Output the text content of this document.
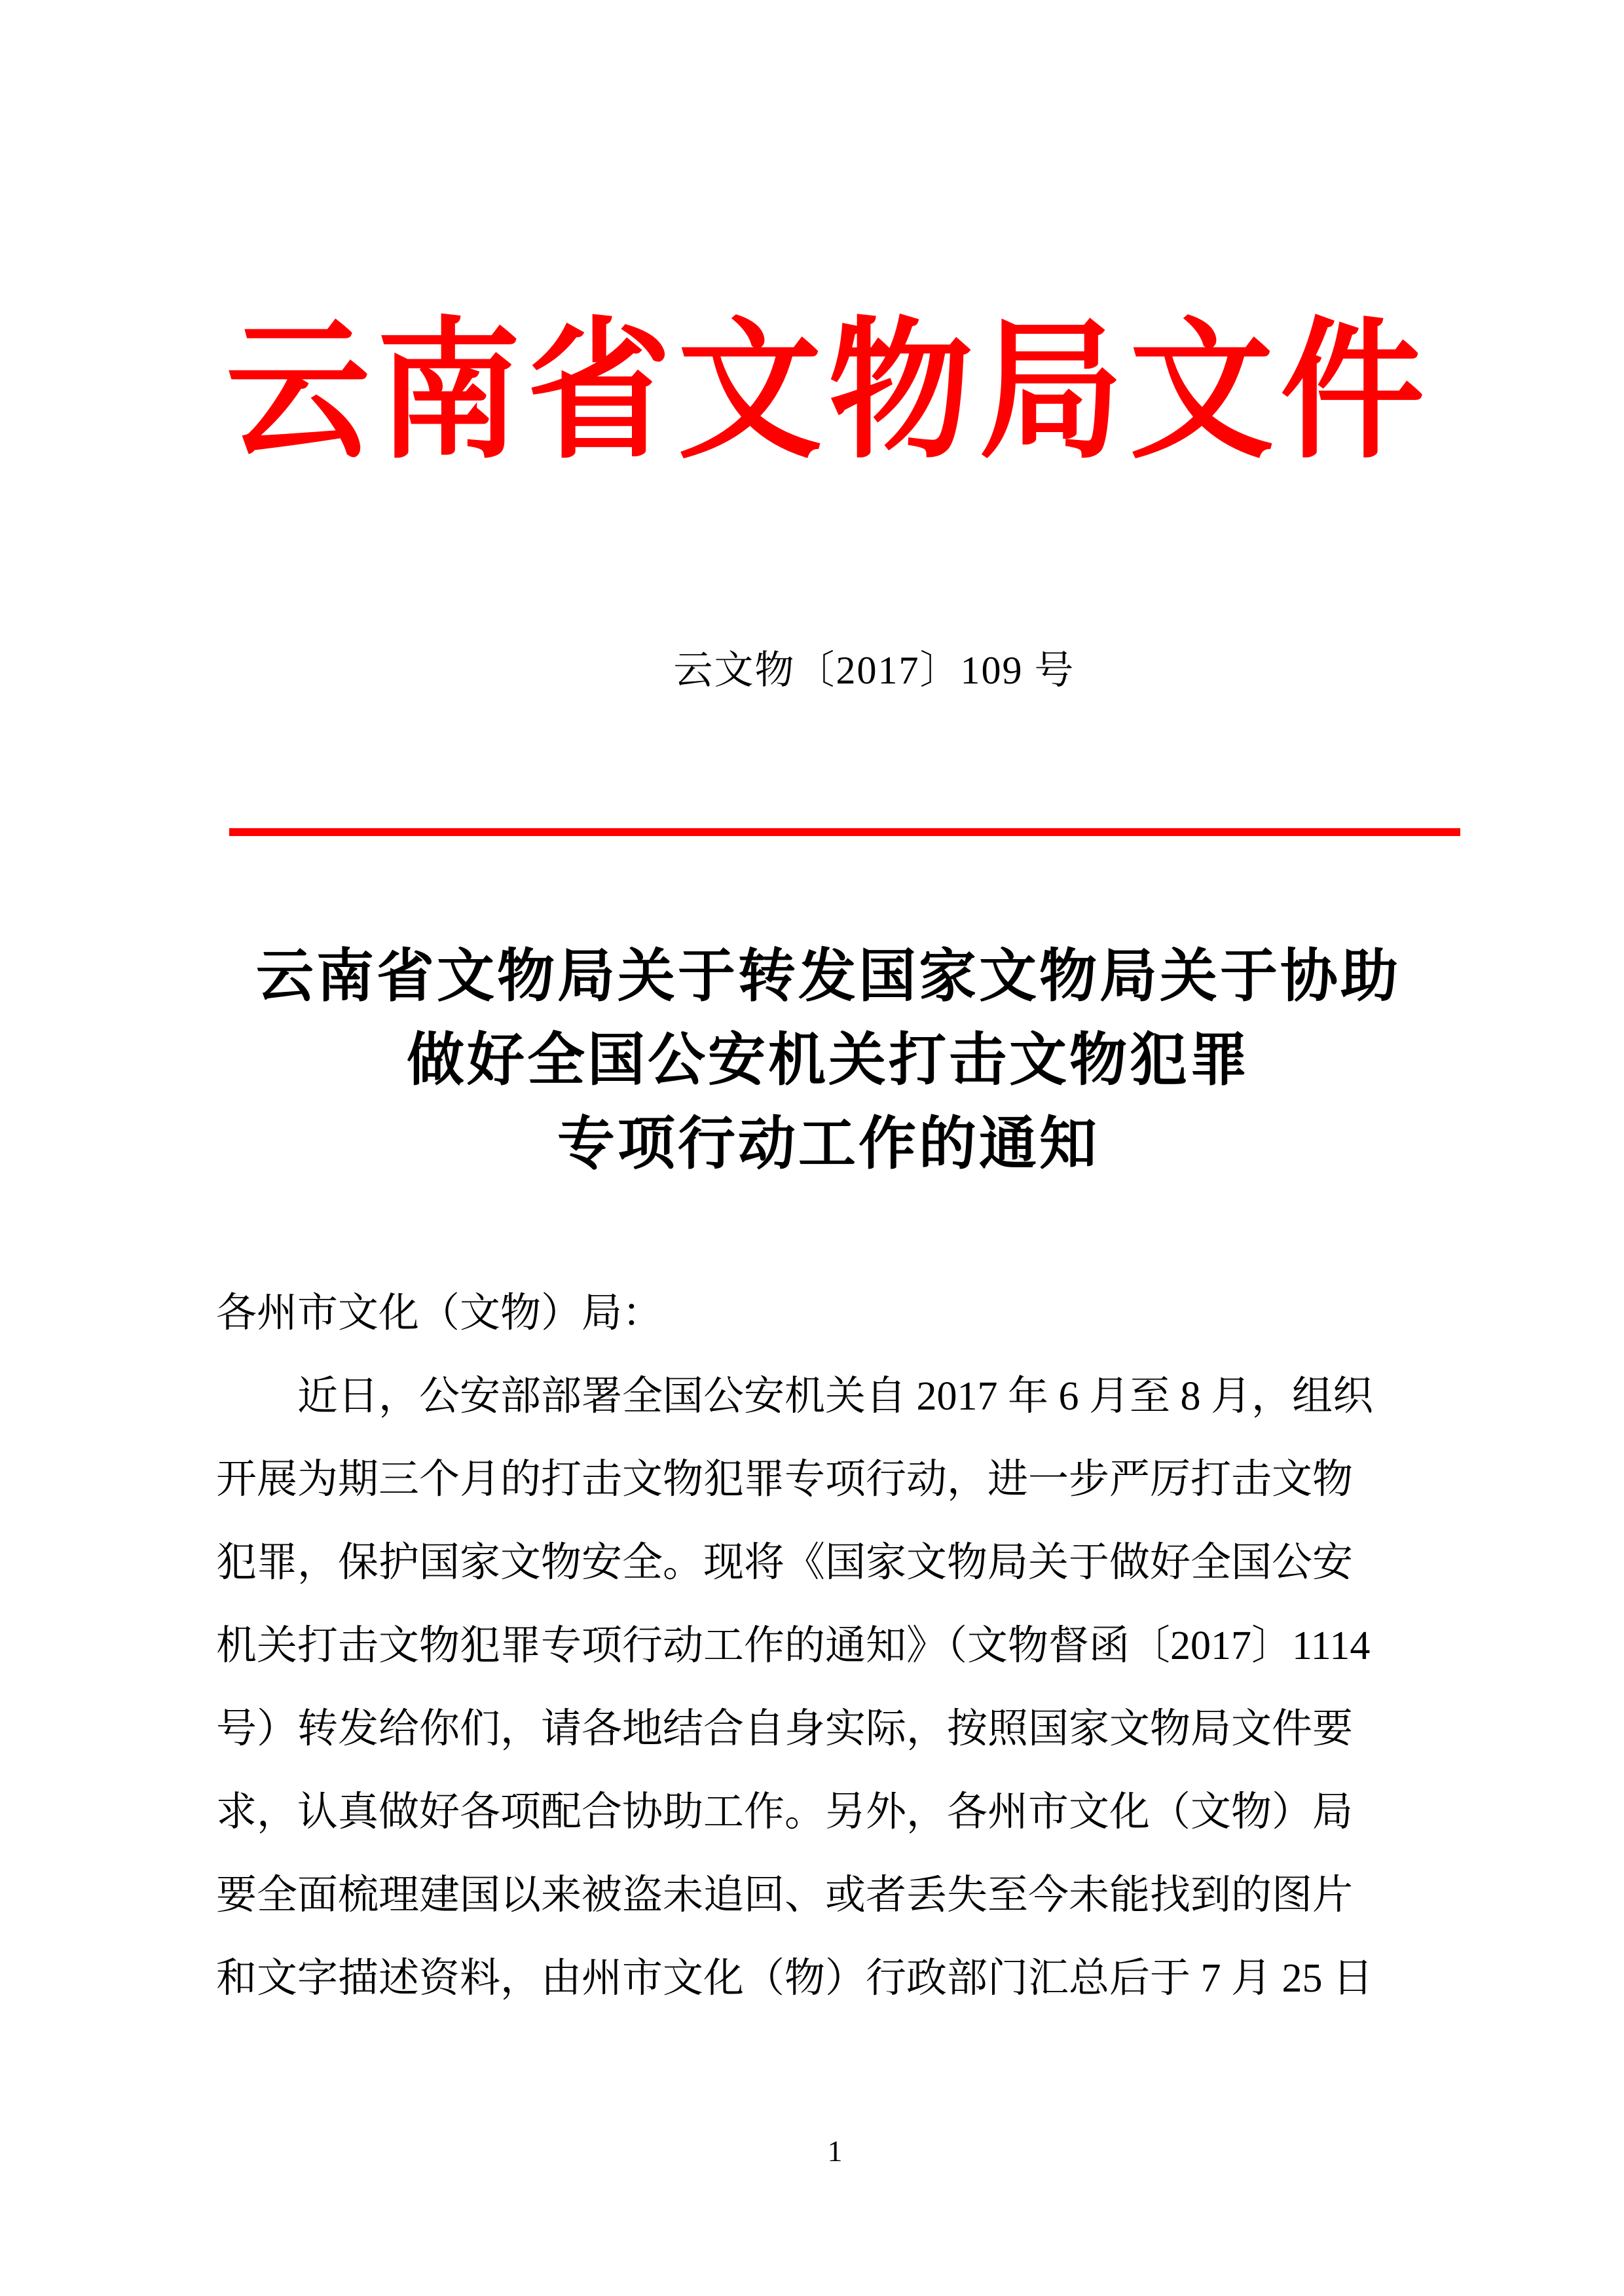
云南省文物局文件
云文物〔2017〕109 号
云南省文物局关于转发国家文物局关于协助
做好全国公安机关打击文物犯罪
专项行动工作的通知
各州市文化（文物）局：
近日，公安部部署全国公安机关自 2017 年 6 月至 8 月，组织
开展为期三个月的打击文物犯罪专项行动，进一步严厉打击文物
犯罪，保护国家文物安全。现将《国家文物局关于做好全国公安
机关打击文物犯罪专项行动工作的通知》（文物督函〔2017〕1114
号）转发给你们，请各地结合自身实际，按照国家文物局文件要
求，认真做好各项配合协助工作。另外，各州市文化（文物）局
要全面梳理建国以来被盗未追回、或者丢失至今未能找到的图片
和文字描述资料，由州市文化（物）行政部门汇总后于 7 月 25 日
1
